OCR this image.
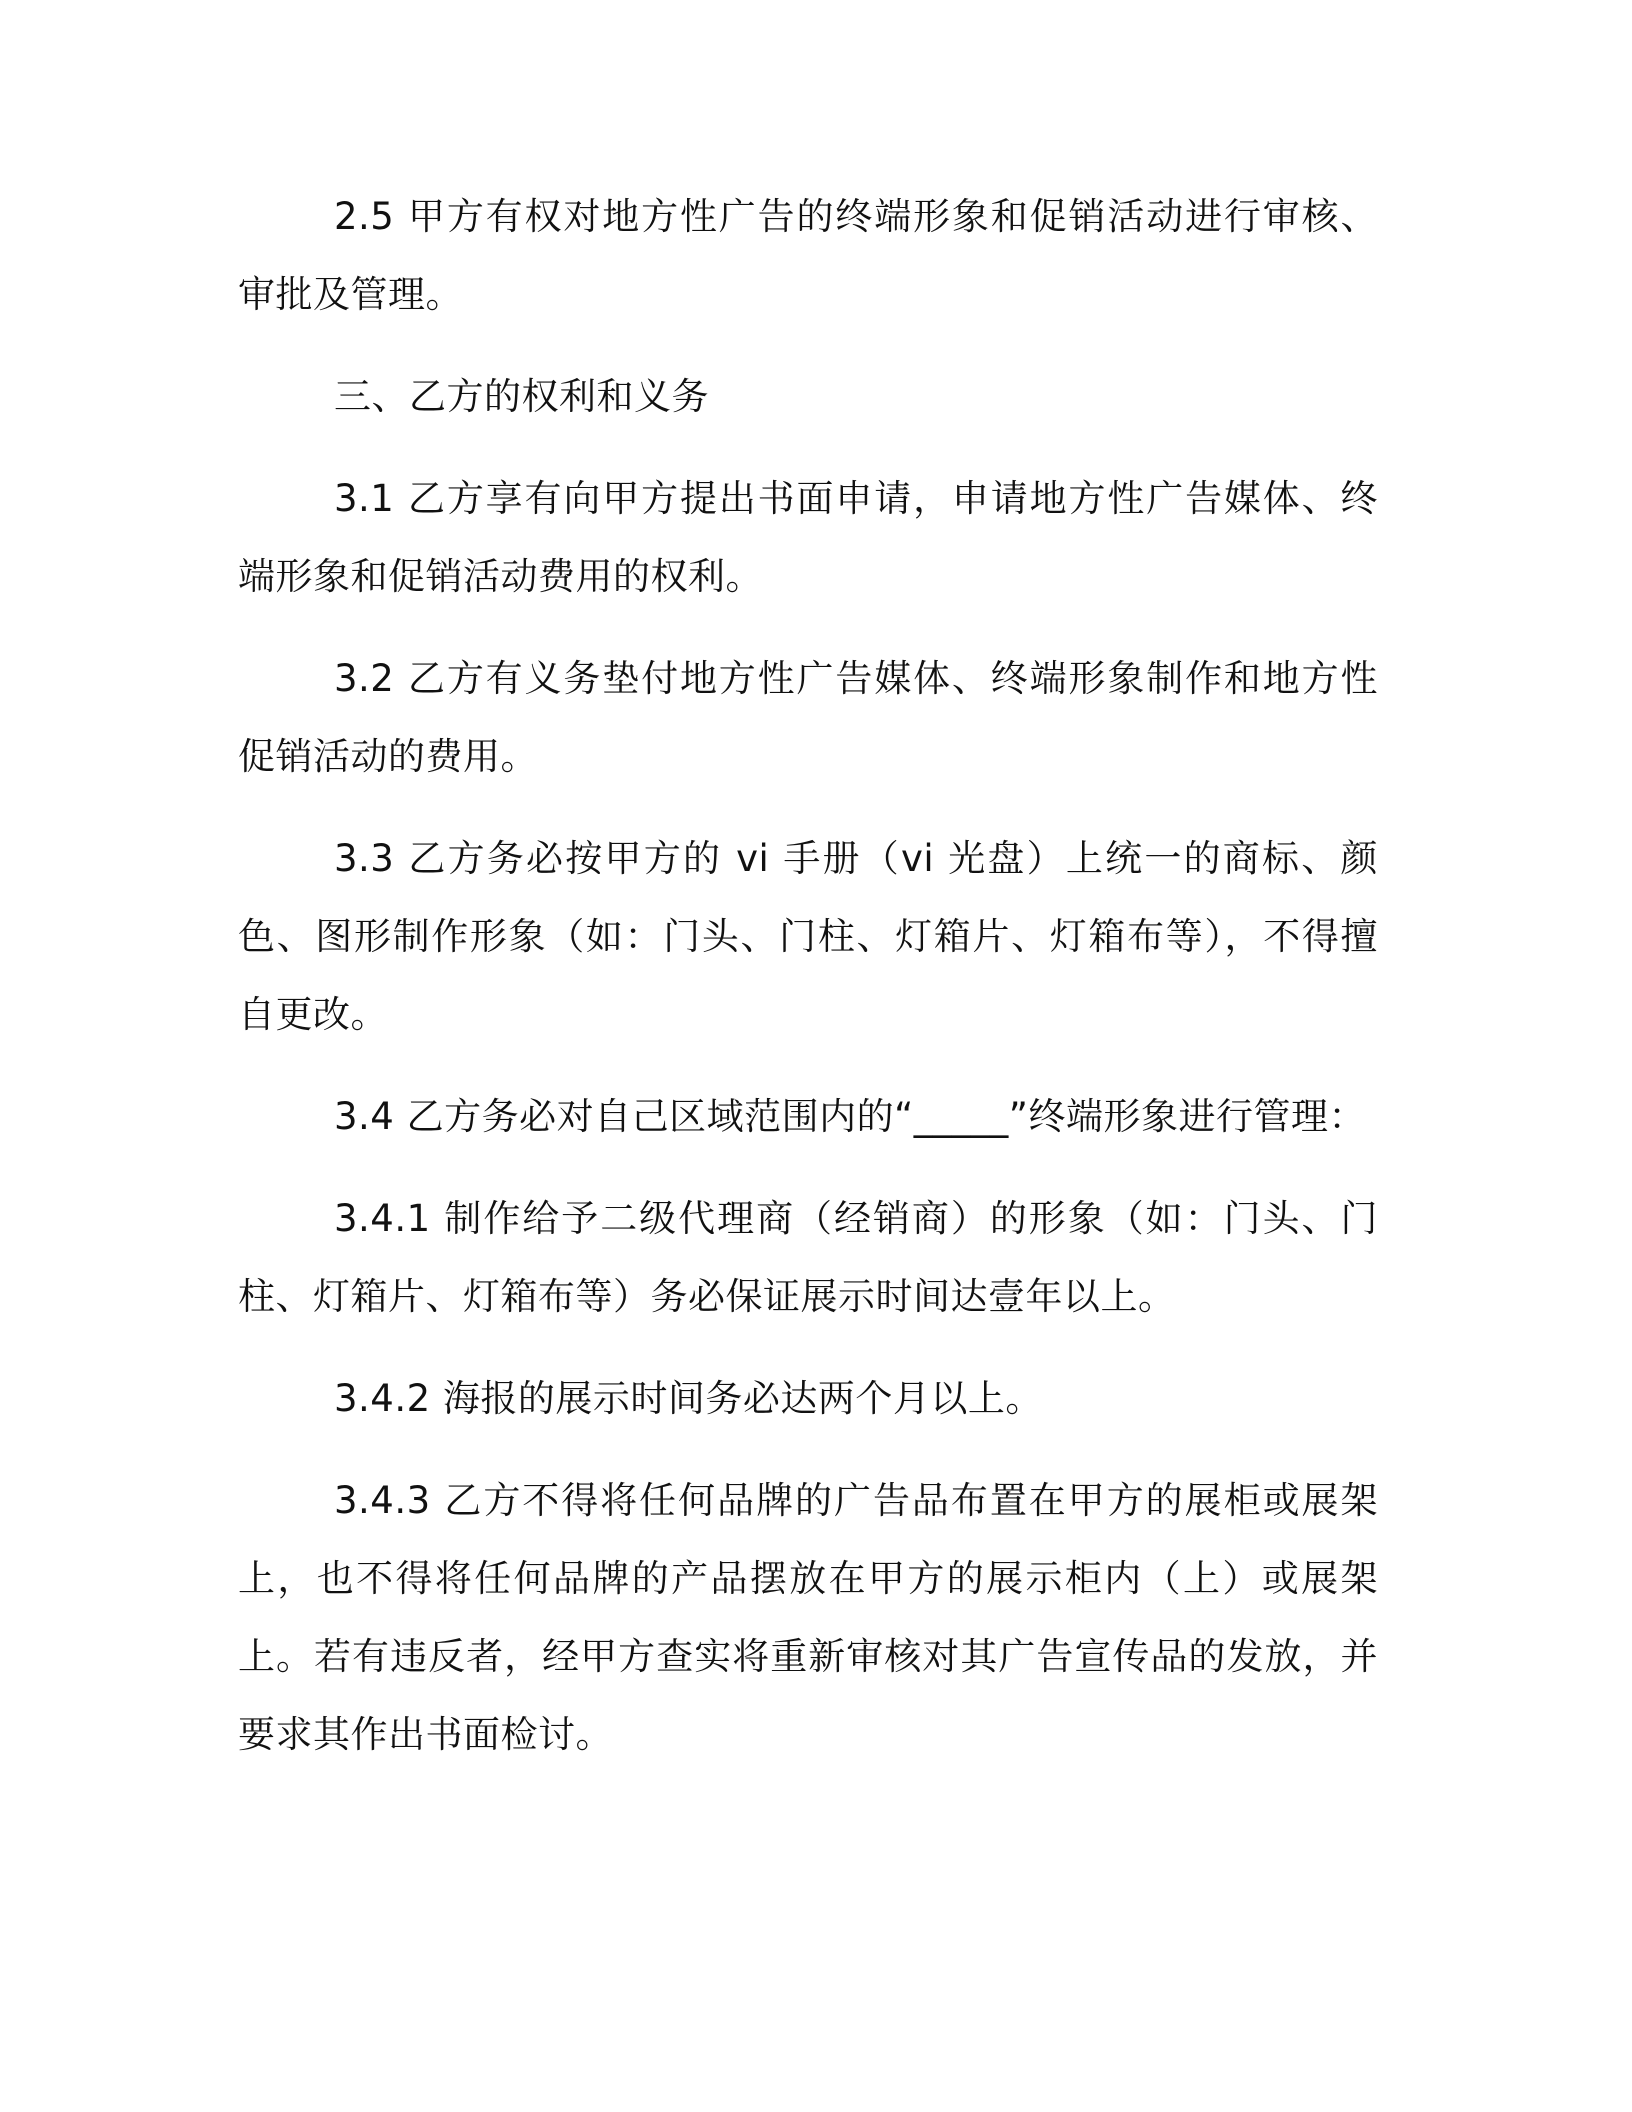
2.5 甲方有权对地方性广告的终端形象和促销活动进行审核、审批及管理。

三、乙方的权利和义务

3.1 乙方享有向甲方提出书面申请，申请地方性广告媒体、终端形象和促销活动费用的权利。

3.2 乙方有义务垫付地方性广告媒体、终端形象制作和地方性促销活动的费用。

3.3 乙方务必按甲方的 vi 手册（vi 光盘）上统一的商标、颜色、图形制作形象（如：门头、门柱、灯箱片、灯箱布等），不得擅自更改。

3.4 乙方务必对自己区域范围内的“_____”终端形象进行管理：

3.4.1 制作给予二级代理商（经销商）的形象（如：门头、门柱、灯箱片、灯箱布等）务必保证展示时间达壹年以上。

3.4.2 海报的展示时间务必达两个月以上。

3.4.3 乙方不得将任何品牌的广告品布置在甲方的展柜或展架上，也不得将任何品牌的产品摆放在甲方的展示柜内（上）或展架上。若有违反者，经甲方查实将重新审核对其广告宣传品的发放，并要求其作出书面检讨。
